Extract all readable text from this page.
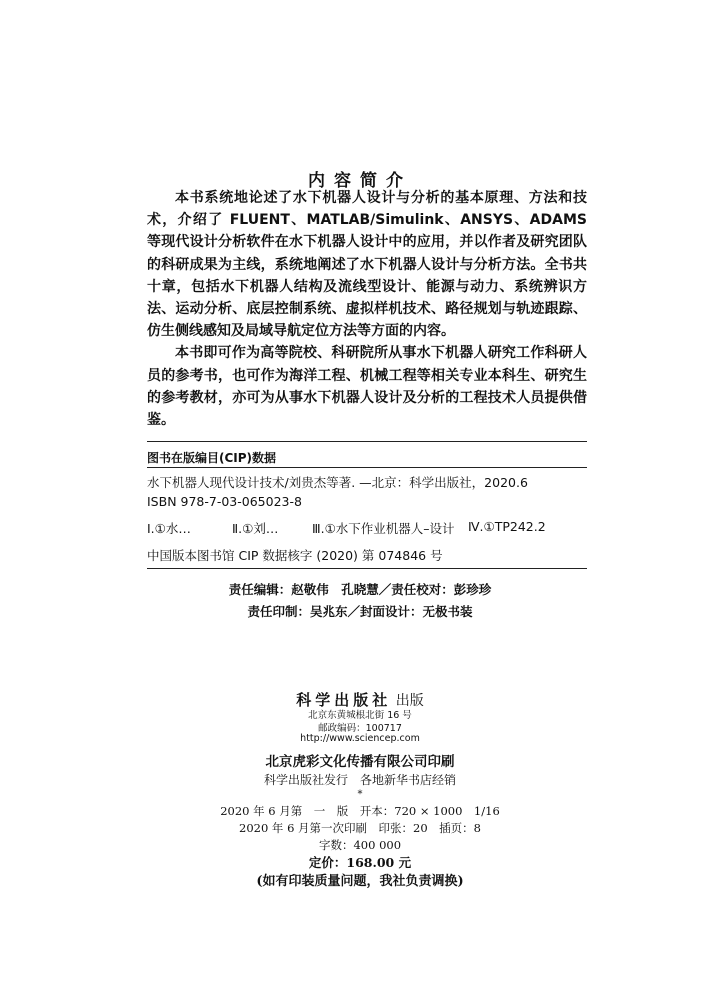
内容简介

本书系统地论述了水下机器人设计与分析的基本原理、方法和技术，介绍了 FLUENT、MATLAB/Simulink、ANSYS、ADAMS 等现代设计分析软件在水下机器人设计中的应用，并以作者及研究团队的科研成果为主线，系统地阐述了水下机器人设计与分析方法。全书共十章，包括水下机器人结构及流线型设计、能源与动力、系统辨识方法、运动分析、底层控制系统、虚拟样机技术、路径规划与轨迹跟踪、仿生侧线感知及局域导航定位方法等方面的内容。

本书即可作为高等院校、科研院所从事水下机器人研究工作科研人员的参考书，也可作为海洋工程、机械工程等相关专业本科生、研究生的参考教材，亦可为从事水下机器人设计及分析的工程技术人员提供借鉴。

图书在版编目(CIP)数据
水下机器人现代设计技术/刘贵杰等著. —北京：科学出版社，2020.6
ISBN 978-7-03-065023-8
Ⅰ.①水…	Ⅱ.①刘…	Ⅲ.①水下作业机器人–设计 Ⅳ.①TP242.2
中国版本图书馆 CIP 数据核字 (2020) 第 074846 号
责任编辑：赵敬伟　孔晓慧／责任校对：彭珍珍
责任印制：吴兆东／封面设计：无极书装
科学出版社 出版
北京东黄城根北街 16 号
邮政编码：100717
http://www.sciencep.com
北京虎彩文化传播有限公司印刷
科学出版社发行　各地新华书店经销
*
2020 年 6 月第　一　版　开本：720 × 1000　1/16
2020 年 6 月第一次印刷　印张：20　插页：8
字数：400 000
定价：168.00 元
(如有印装质量问题，我社负责调换)
